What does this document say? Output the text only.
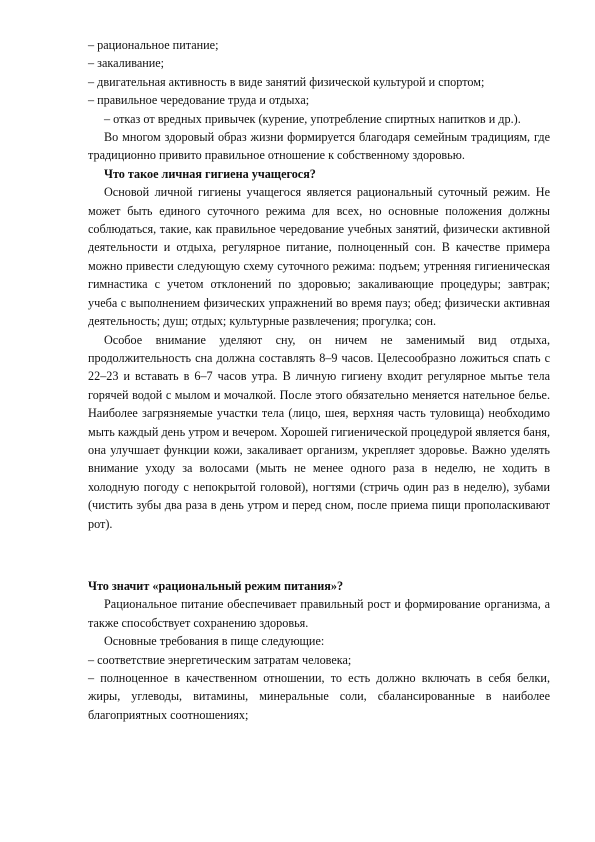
– рациональное питание;

– закаливание;

– двигательная активность в виде занятий физической культурой и спортом;

– правильное чередование труда и отдыха;

– отказ от вредных привычек (курение, употребление спиртных напитков и др.).

Во многом здоровый образ жизни формируется благодаря семейным традициям, где традиционно привито правильное отношение к собственному здоровью.

Что такое личная гигиена учащегося?

Основой личной гигиены учащегося является рациональный суточный режим. Не может быть единого суточного режима для всех, но основные положения должны соблюдаться, такие, как правильное чередование учебных занятий, физически активной деятельности и отдыха, регулярное питание, полноценный сон. В качестве примера можно привести следующую схему суточного режима: подъем; утренняя гигиеническая гимнастика с учетом отклонений по здоровью; закаливающие процедуры; завтрак; учеба с выполнением физических упражнений во время пауз; обед; физически активная деятельность; душ; отдых; культурные развлечения; прогулка; сон.

Особое внимание уделяют сну, он ничем не заменимый вид отдыха, продолжительность сна должна составлять 8–9 часов. Целесообразно ложиться спать с 22–23 и вставать в 6–7 часов утра. В личную гигиену входит регулярное мытье тела горячей водой с мылом и мочалкой. После этого обязательно меняется нательное белье. Наиболее загрязняемые участки тела (лицо, шея, верхняя часть туловища) необходимо мыть каждый день утром и вечером. Хорошей гигиенической процедурой является баня, она улучшает функции кожи, закаливает организм, укрепляет здоровье. Важно уделять внимание уходу за волосами (мыть не менее одного раза в неделю, не ходить в холодную погоду с непокрытой головой), ногтями (стричь один раз в неделю), зубами (чистить зубы два раза в день утром и перед сном, после приема пищи прополаскивают рот).

Что значит «рациональный режим питания»?

Рациональное питание обеспечивает правильный рост и формирование организма, а также способствует сохранению здоровья.

Основные требования в пище следующие:

– соответствие энергетическим затратам человека;

– полноценное в качественном отношении, то есть должно включать в себя белки, жиры, углеводы, витамины, минеральные соли, сбалансированные в наиболее благоприятных соотношениях;
